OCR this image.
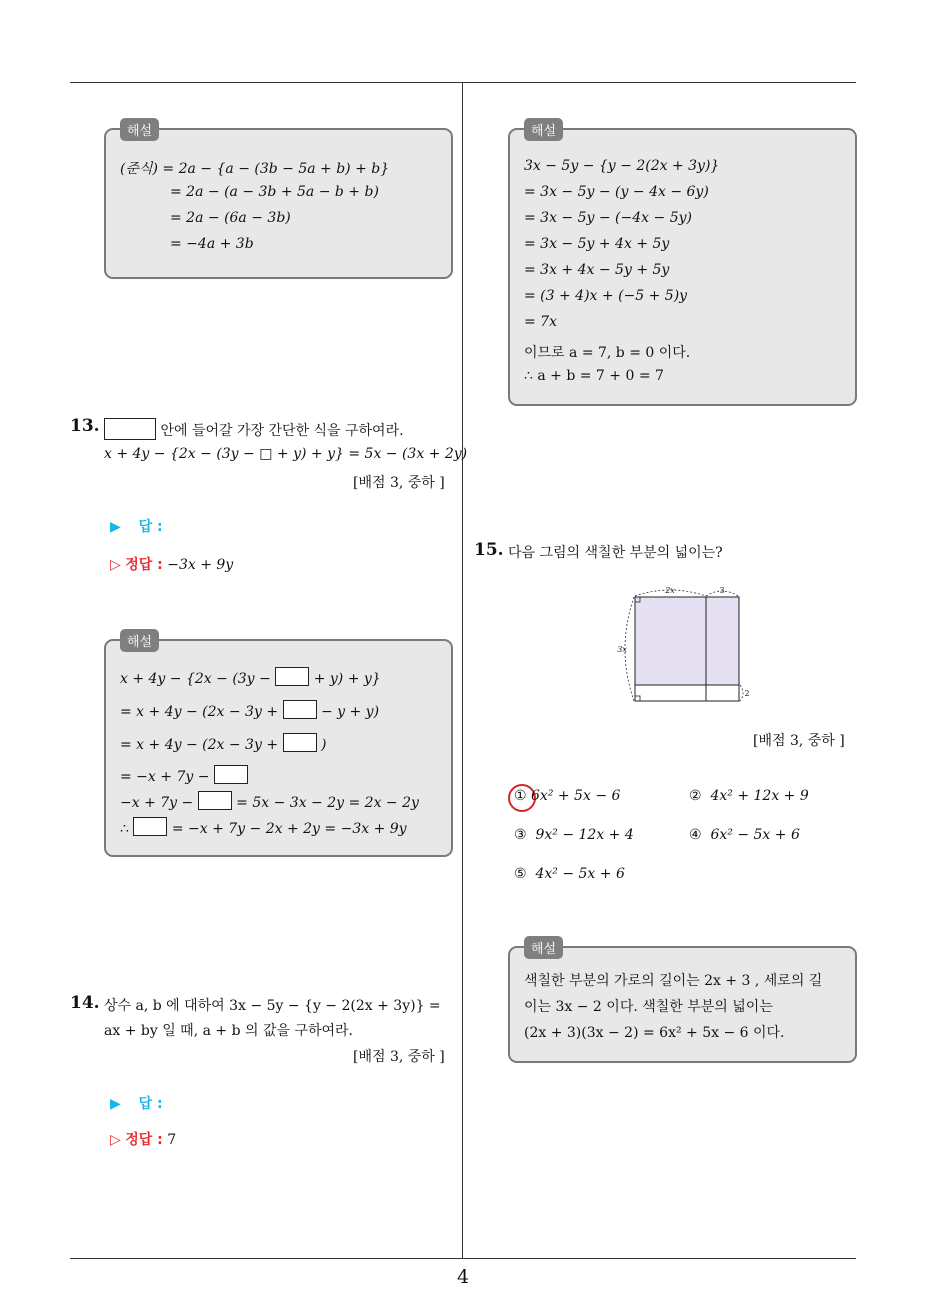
해설
(준식) = 2a − {a − (3b − 5a + b) + b}
= 2a − (a − 3b + 5a − b + b)
= 2a − (6a − 3b)
= −4a + 3b
13.	안에 들어갈 가장 간단한 식을 구하여라.
x + 4y − {2x − (3y − □ + y) + y} = 5x − (3x + 2y)
[배점 3, 중하 ]
▶ 답 :
▷ 정답 : −3x + 9y
해설
x + 4y − {2x − (3y −	+ y) + y}
= x + 4y − (2x − 3y +	− y + y)
= x + 4y − (2x − 3y +	)
= −x + 7y −
−x + 7y −	= 5x − 3x − 2y = 2x − 2y
∴	= −x + 7y − 2x + 2y = −3x + 9y
14. 상수 a, b 에 대하여 3x − 5y − {y − 2(2x + 3y)} =
ax + by 일 때, a + b 의 값을 구하여라.
[배점 3, 중하 ]
▶ 답 :
▷ 정답 : 7
해설
3x − 5y − {y − 2(2x + 3y)}
= 3x − 5y − (y − 4x − 6y)
= 3x − 5y − (−4x − 5y)
= 3x − 5y + 4x + 5y
= 3x + 4x − 5y + 5y
= (3 + 4)x + (−5 + 5)y
= 7x
이므로 a = 7, b = 0 이다.
∴ a + b = 7 + 0 = 7
15. 다음 그림의 색칠한 부분의 넓이는?
2x	3
3x
2
[배점 3, 중하 ]
① 6x² + 5x − 6	② 4x² + 12x + 9
③ 9x² − 12x + 4	④ 6x² − 5x + 6
⑤ 4x² − 5x + 6
해설
색칠한 부분의 가로의 길이는 2x + 3 , 세로의 길
이는 3x − 2 이다. 색칠한 부분의 넓이는
(2x + 3)(3x − 2) = 6x² + 5x − 6 이다.
4
